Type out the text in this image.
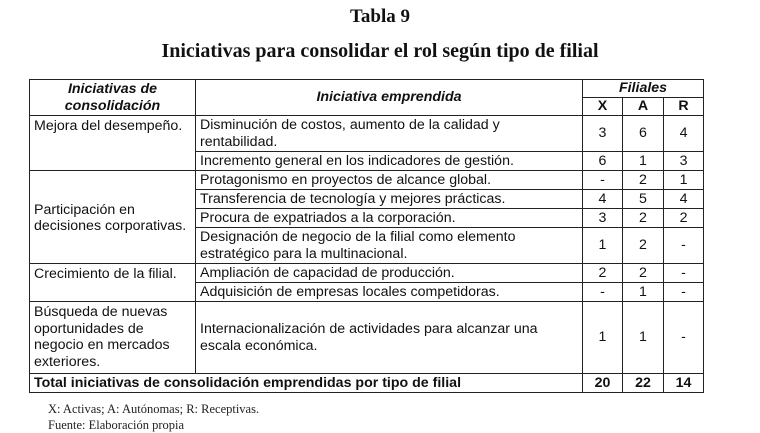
Tabla 9
Iniciativas para consolidar el rol según tipo de filial
Iniciativas de consolidación	Iniciativa emprendida	Filiales		
		X	A	R
Mejora del desempeño.	Disminución de costos, aumento de la calidad y rentabilidad.	3	6	4
	Incremento general en los indicadores de gestión.	6	1	3
Participación en decisiones corporativas.	Protagonismo en proyectos de alcance global.	-	2	1
	Transferencia de tecnología y mejores prácticas.	4	5	4
	Procura de expatriados a la corporación.	3	2	2
	Designación de negocio de la filial como elemento estratégico para la multinacional.	1	2	-
Crecimiento de la filial.	Ampliación de capacidad de producción.	2	2	-
	Adquisición de empresas locales competidoras.	-	1	-
Búsqueda de nuevas oportunidades de negocio en mercados exteriores.	Internacionalización de actividades para alcanzar una escala económica.	1	1	-
Total iniciativas de consolidación emprendidas por tipo de filial		20	22	14
X: Activas; A: Autónomas; R: Receptivas.
Fuente: Elaboración propia
